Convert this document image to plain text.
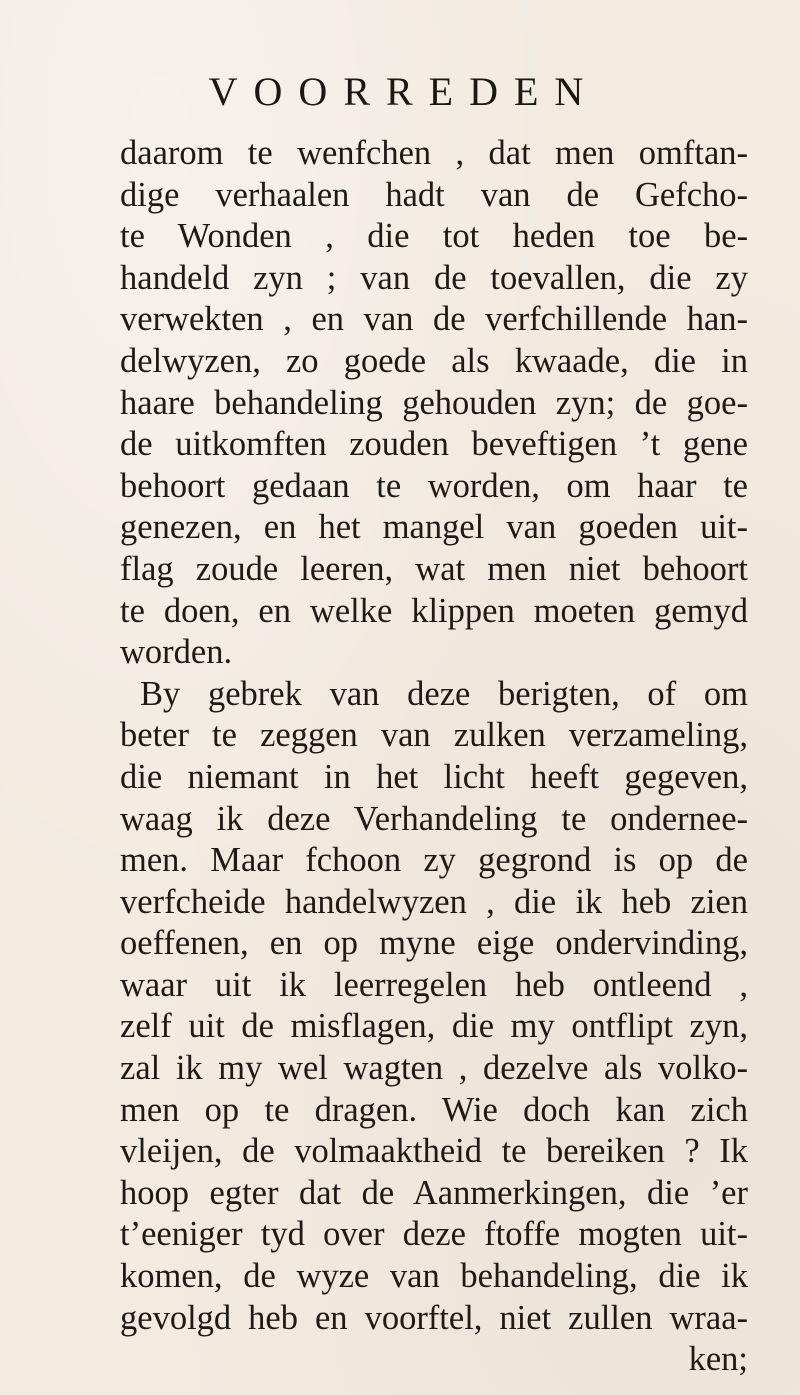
VOORREDEN
daarom te wenfchen , dat men omftan-
dige verhaalen hadt van de Gefcho-
te Wonden , die tot heden toe be-
handeld zyn ; van de toevallen, die zy
verwekten , en van de verfchillende han-
delwyzen, zo goede als kwaade, die in
haare behandeling gehouden zyn; de goe-
de uitkomften zouden beveftigen ’t gene
behoort gedaan te worden, om haar te
genezen, en het mangel van goeden uit-
flag zoude leeren, wat men niet behoort
te doen, en welke klippen moeten gemyd
worden.
By gebrek van deze berigten, of om
beter te zeggen van zulken verzameling,
die niemant in het licht heeft gegeven,
waag ik deze Verhandeling te ondernee-
men. Maar fchoon zy gegrond is op de
verfcheide handelwyzen , die ik heb zien
oeffenen, en op myne eige ondervinding,
waar uit ik leerregelen heb ontleend ,
zelf uit de misflagen, die my ontflipt zyn,
zal ik my wel wagten , dezelve als volko-
men op te dragen. Wie doch kan zich
vleijen, de volmaaktheid te bereiken ? Ik
hoop egter dat de Aanmerkingen, die ’er
t’eeniger tyd over deze ftoffe mogten uit-
komen, de wyze van behandeling, die ik
gevolgd heb en voorftel, niet zullen wraa-
ken;
